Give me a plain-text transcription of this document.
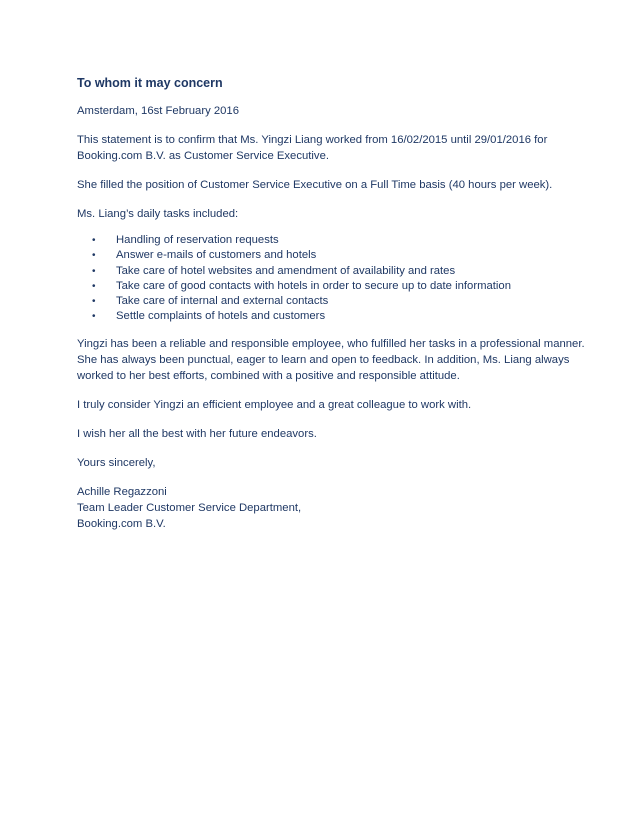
To whom it may concern

Amsterdam, 16st February 2016

This statement is to confirm that Ms. Yingzi Liang worked from 16/02/2015 until 29/01/2016 for Booking.com B.V. as Customer Service Executive.

She filled the position of Customer Service Executive on a Full Time basis (40 hours per week).

Ms. Liang’s daily tasks included:

• Handling of reservation requests
• Answer e-mails of customers and hotels
• Take care of hotel websites and amendment of availability and rates
• Take care of good contacts with hotels in order to secure up to date information
• Take care of internal and external contacts
• Settle complaints of hotels and customers

Yingzi has been a reliable and responsible employee, who fulfilled her tasks in a professional manner. She has always been punctual, eager to learn and open to feedback. In addition, Ms. Liang always worked to her best efforts, combined with a positive and responsible attitude.

I truly consider Yingzi an efficient employee and a great colleague to work with.

I wish her all the best with her future endeavors.

Yours sincerely,

Achille Regazzoni

Team Leader Customer Service Department,

Booking.com B.V.
